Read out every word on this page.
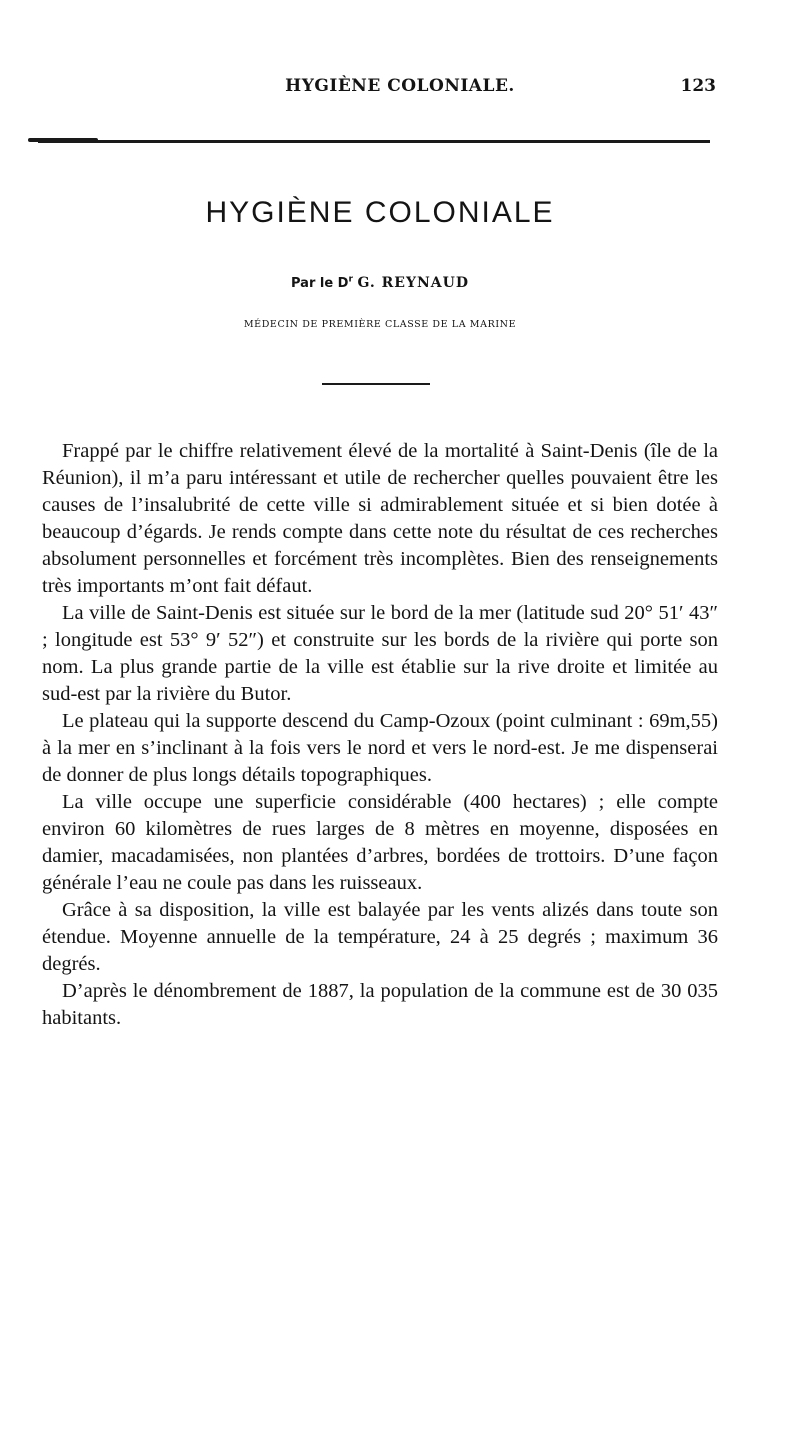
HYGIÈNE COLONIALE.	123
HYGIÈNE COLONIALE
Par le $D^r$ G. REYNAUD
MÉDECIN DE PREMIÈRE CLASSE DE LA MARINE

Frappé par le chiffre relativement élevé de la mortalité à Saint-Denis (île de la Réunion), il m’a paru intéressant et utile de rechercher quelles pouvaient être les causes de l’insalubrité de cette ville si admirablement située et si bien dotée à beaucoup d’égards. Je rends compte dans cette note du résultat de ces recherches absolument personnelles et forcément très incomplètes. Bien des renseignements très importants m’ont fait défaut.

La ville de Saint-Denis est située sur le bord de la mer (latitude sud 20° 51′ 43″ ; longitude est 53° 9′ 52″) et construite sur les bords de la rivière qui porte son nom. La plus grande partie de la ville est établie sur la rive droite et limitée au sud-est par la rivière du Butor.

Le plateau qui la supporte descend du Camp-Ozoux (point culminant : 69m,55) à la mer en s’inclinant à la fois vers le nord et vers le nord-est. Je me dispenserai de donner de plus longs détails topographiques.

La ville occupe une superficie considérable (400 hectares) ; elle compte environ 60 kilomètres de rues larges de 8 mètres en moyenne, disposées en damier, macadamisées, non plantées d’arbres, bordées de trottoirs. D’une façon générale l’eau ne coule pas dans les ruisseaux.

Grâce à sa disposition, la ville est balayée par les vents alizés dans toute son étendue. Moyenne annuelle de la température, 24 à 25 degrés ; maximum 36 degrés.

D’après le dénombrement de 1887, la population de la commune est de 30 035 habitants.
